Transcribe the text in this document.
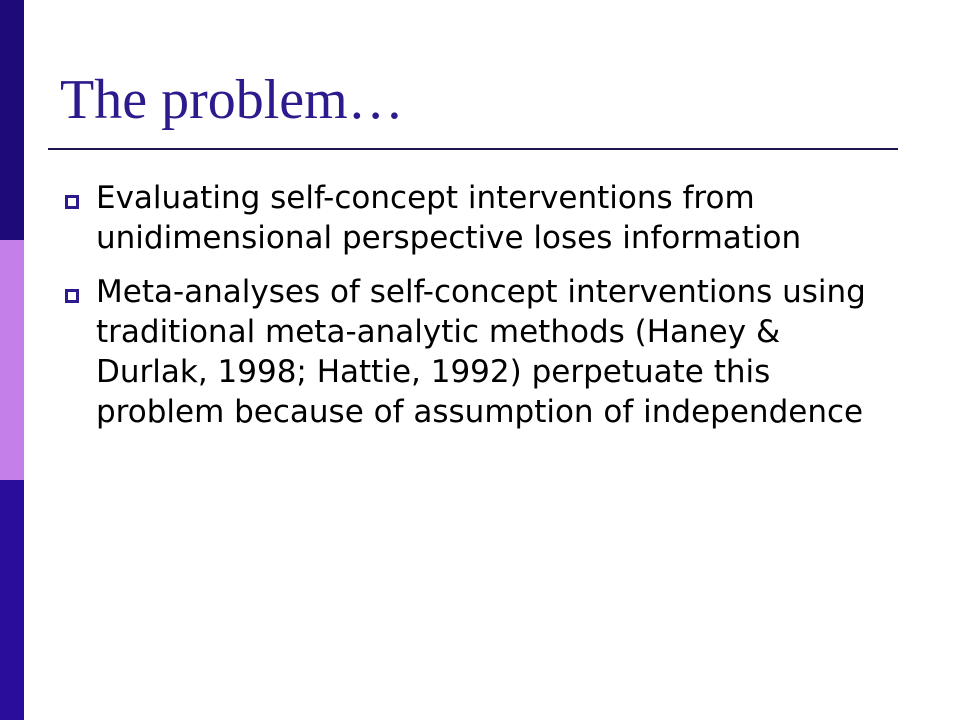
The problem…
Evaluating self-concept interventions from unidimensional perspective loses information
Meta-analyses of self-concept interventions using traditional meta-analytic methods (Haney & Durlak, 1998; Hattie, 1992) perpetuate this problem because of assumption of independence
